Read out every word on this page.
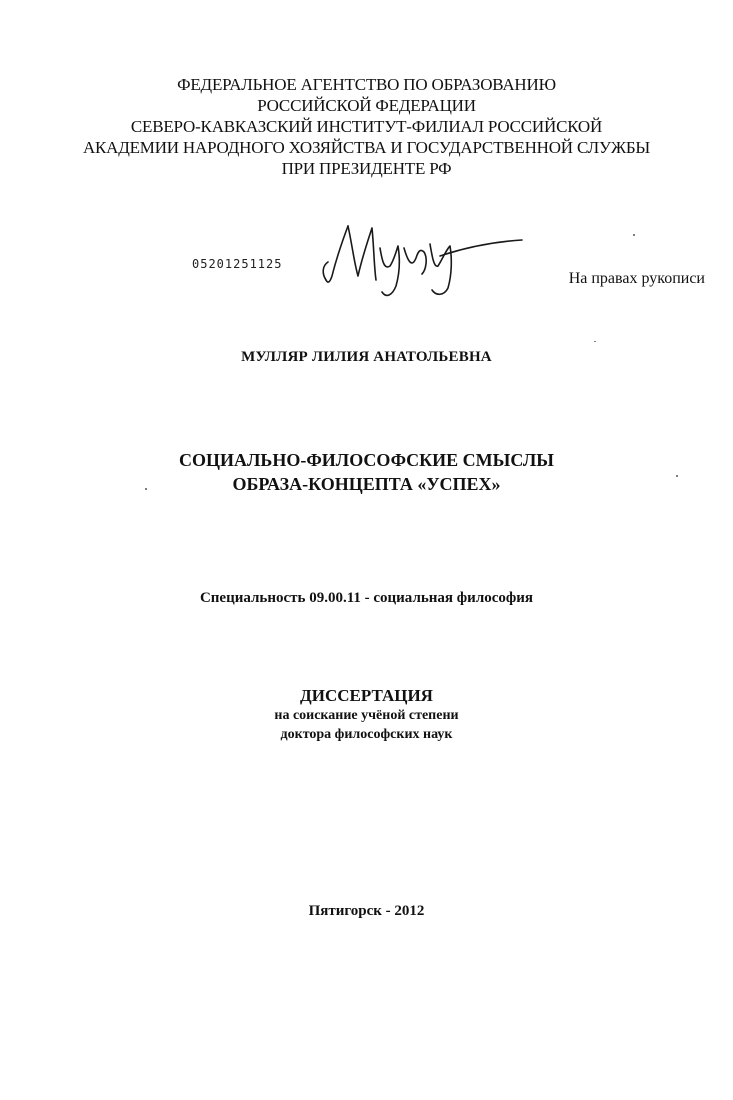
ФЕДЕРАЛЬНОЕ АГЕНТСТВО ПО ОБРАЗОВАНИЮ
РОССИЙСКОЙ ФЕДЕРАЦИИ
СЕВЕРО-КАВКАЗСКИЙ ИНСТИТУТ-ФИЛИАЛ РОССИЙСКОЙ
АКАДЕМИИ НАРОДНОГО ХОЗЯЙСТВА И ГОСУДАРСТВЕННОЙ СЛУЖБЫ
ПРИ ПРЕЗИДЕНТЕ РФ
05201251125
На правах рукописи
МУЛЛЯР ЛИЛИЯ АНАТОЛЬЕВНА
СОЦИАЛЬНО-ФИЛОСОФСКИЕ СМЫСЛЫ
ОБРАЗА-КОНЦЕПТА «УСПЕХ»
Специальность 09.00.11 - социальная философия
ДИССЕРТАЦИЯ
на соискание учёной степени
доктора философских наук
Пятигорск - 2012
